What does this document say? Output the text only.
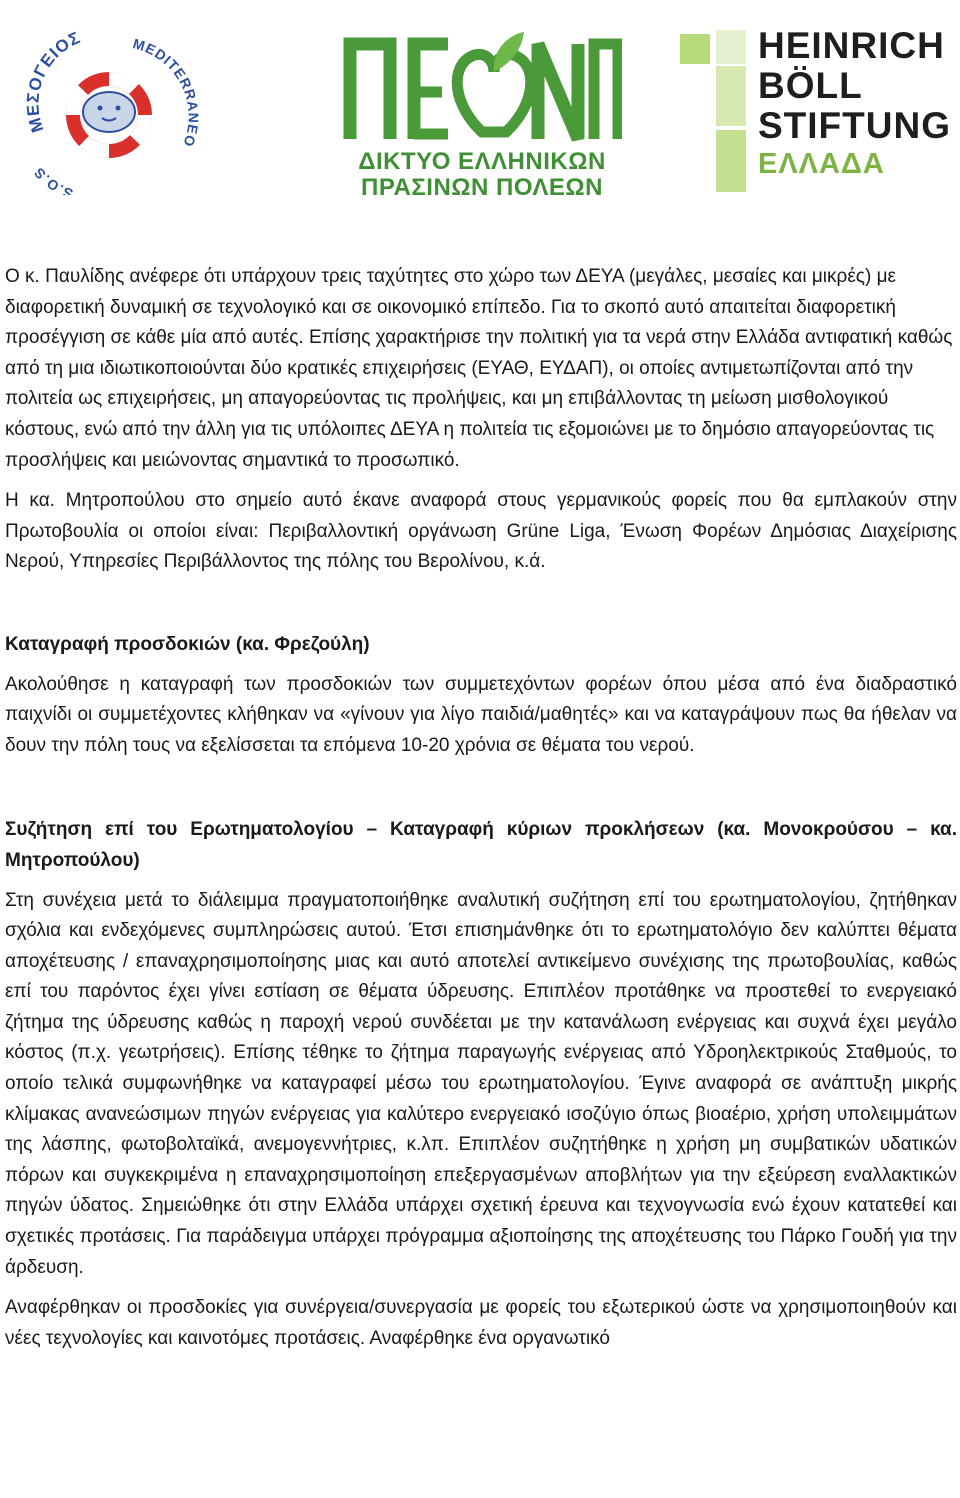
ΜΕΣΟΓΕΙΟΣ	MEDITERRANEO
S.O.S	ΔΙΚΤΥΟ ΕΛΛΗΝΙΚΩΝ
ΠΡΑΣΙΝΩΝ ΠΟΛΕΩΝ
HEINRICH
BÖLL
STIFTUNG
ΕΛΛΑΔΑ

Ο κ. Παυλίδης ανέφερε ότι υπάρχουν τρεις ταχύτητες στο χώρο των ΔΕΥΑ (μεγάλες, μεσαίες και μικρές) με διαφορετική δυναμική σε τεχνολογικό και σε οικονομικό επίπεδο. Για το σκοπό αυτό απαιτείται διαφορετική προσέγγιση σε κάθε μία από αυτές. Επίσης χαρακτήρισε την πολιτική για τα νερά στην Ελλάδα αντιφατική καθώς από τη μια ιδιωτικοποιούνται δύο κρατικές επιχειρήσεις (ΕΥΑΘ, ΕΥΔΑΠ), οι οποίες αντιμετωπίζονται από την πολιτεία ως επιχειρήσεις, μη απαγορεύοντας τις προλήψεις, και μη επιβάλλοντας τη μείωση μισθολογικού κόστους, ενώ από την άλλη για τις υπόλοιπες ΔΕΥΑ η πολιτεία τις εξομοιώνει με το δημόσιο απαγορεύοντας τις προσλήψεις και μειώνοντας σημαντικά το προσωπικό.

Η κα. Μητροπούλου στο σημείο αυτό έκανε αναφορά στους γερμανικούς φορείς που θα εμπλακούν στην Πρωτοβουλία οι οποίοι είναι: Περιβαλλοντική οργάνωση Grüne Liga, Ένωση Φορέων Δημόσιας Διαχείρισης Νερού, Υπηρεσίες Περιβάλλοντος της πόλης του Βερολίνου, κ.ά.

Καταγραφή προσδοκιών (κα. Φρεζούλη)

Ακολούθησε η καταγραφή των προσδοκιών των συμμετεχόντων φορέων όπου μέσα από ένα διαδραστικό παιχνίδι οι συμμετέχοντες κλήθηκαν να «γίνουν για λίγο παιδιά/μαθητές» και να καταγράψουν πως θα ήθελαν να δουν την πόλη τους να εξελίσσεται τα επόμενα 10-20 χρόνια σε θέματα του νερού.

Συζήτηση επί του Ερωτηματολογίου – Καταγραφή κύριων προκλήσεων (κα. Μονοκρούσου – κα. Μητροπούλου)

Στη συνέχεια μετά το διάλειμμα πραγματοποιήθηκε αναλυτική συζήτηση επί του ερωτηματολογίου, ζητήθηκαν σχόλια και ενδεχόμενες συμπληρώσεις αυτού. Έτσι επισημάνθηκε ότι το ερωτηματολόγιο δεν καλύπτει θέματα αποχέτευσης / επαναχρησιμοποίησης μιας και αυτό αποτελεί αντικείμενο συνέχισης της πρωτοβουλίας, καθώς επί του παρόντος έχει γίνει εστίαση σε θέματα ύδρευσης. Επιπλέον προτάθηκε να προστεθεί το ενεργειακό ζήτημα της ύδρευσης καθώς η παροχή νερού συνδέεται με την κατανάλωση ενέργειας και συχνά έχει μεγάλο κόστος (π.χ. γεωτρήσεις). Επίσης τέθηκε το ζήτημα παραγωγής ενέργειας από Υδροηλεκτρικούς Σταθμούς, το οποίο τελικά συμφωνήθηκε να καταγραφεί μέσω του ερωτηματολογίου. Έγινε αναφορά σε ανάπτυξη μικρής κλίμακας ανανεώσιμων πηγών ενέργειας για καλύτερο ενεργειακό ισοζύγιο όπως βιοαέριο, χρήση υπολειμμάτων της λάσπης, φωτοβολταϊκά, ανεμογεννήτριες, κ.λπ. Επιπλέον συζητήθηκε η χρήση μη συμβατικών υδατικών πόρων και συγκεκριμένα η επαναχρησιμοποίηση επεξεργασμένων αποβλήτων για την εξεύρεση εναλλακτικών πηγών ύδατος. Σημειώθηκε ότι στην Ελλάδα υπάρχει σχετική έρευνα και τεχνογνωσία ενώ έχουν κατατεθεί και σχετικές προτάσεις. Για παράδειγμα υπάρχει πρόγραμμα αξιοποίησης της αποχέτευσης του Πάρκο Γουδή για την άρδευση.

Αναφέρθηκαν οι προσδοκίες για συνέργεια/συνεργασία με φορείς του εξωτερικού ώστε να χρησιμοποιηθούν και νέες τεχνολογίες και καινοτόμες προτάσεις. Αναφέρθηκε ένα οργανωτικό
